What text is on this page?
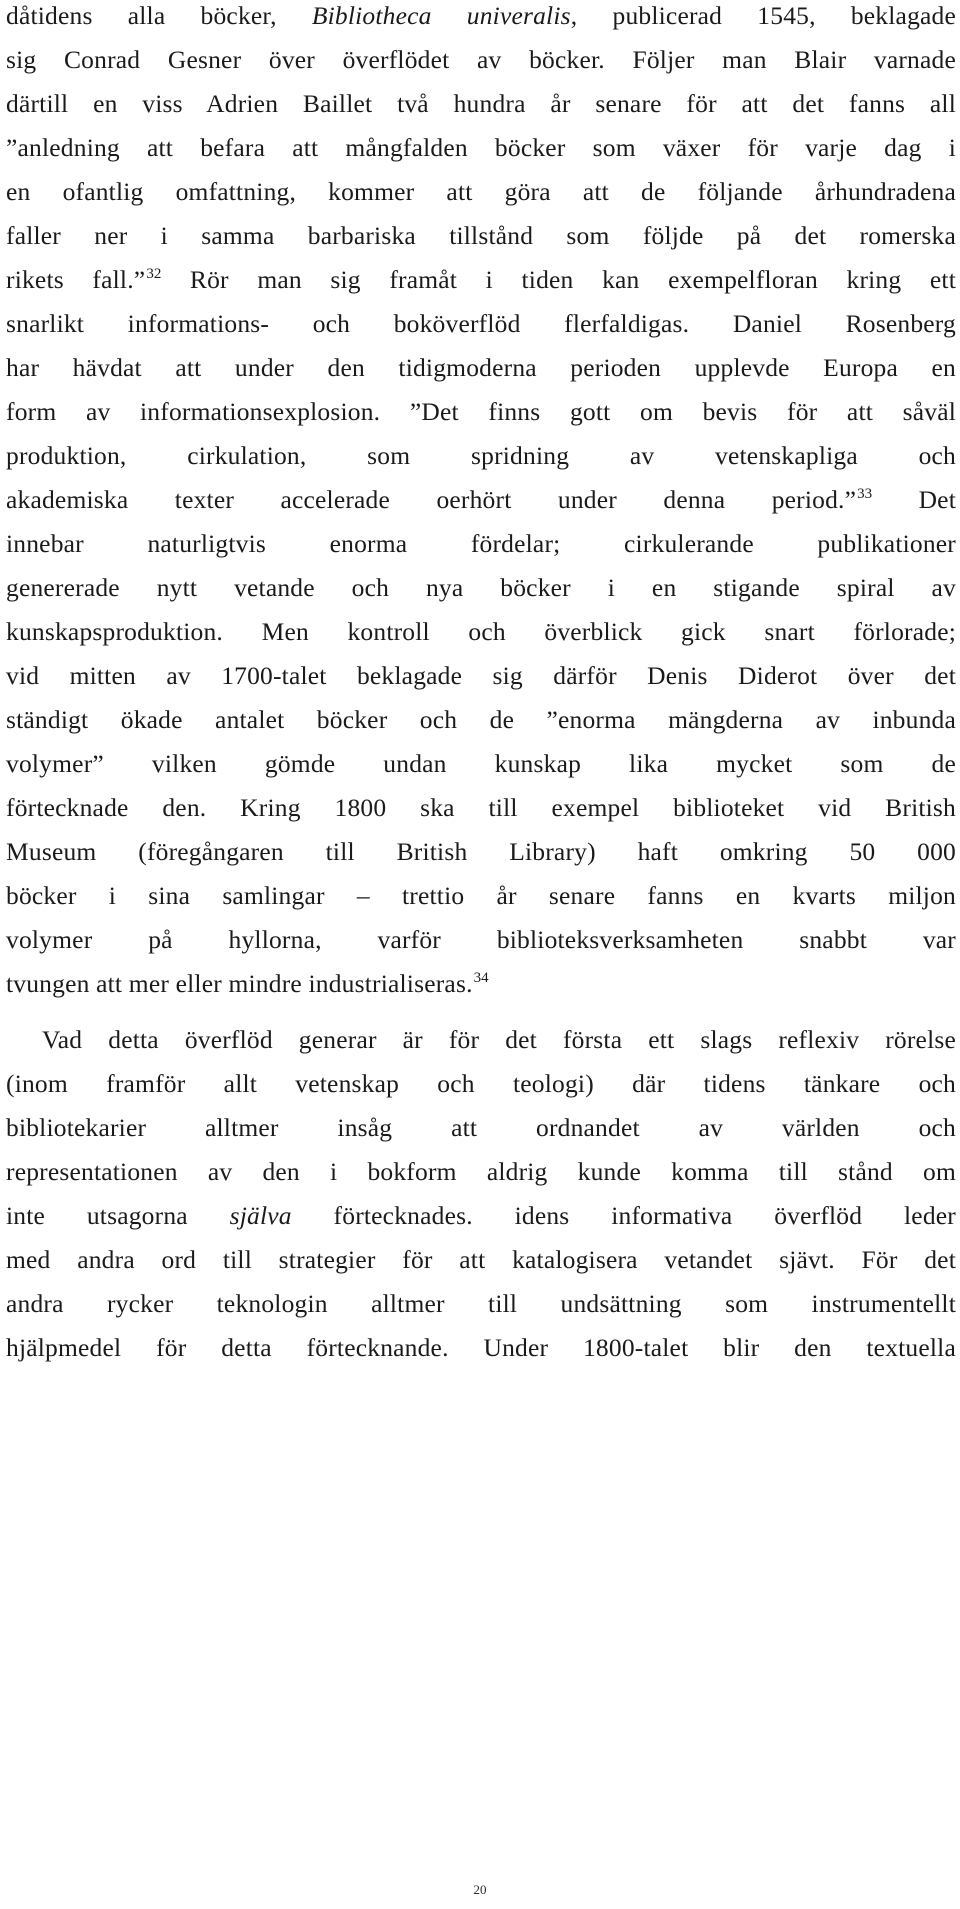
dåtidens alla böcker, Bibliotheca univeralis, publicerad 1545, beklagade
sig Conrad Gesner över överflödet av böcker. Följer man Blair varnade
därtill en viss Adrien Baillet två hundra år senare för att det fanns all
”anledning att befara att mångfalden böcker som växer för varje dag i
en ofantlig omfattning, kommer att göra att de följande århundradena
faller ner i samma barbariska tillstånd som följde på det romerska
rikets fall.”$^{32}$ Rör man sig framåt i tiden kan exempelfloran kring ett
snarlikt informations- och boköverflöd flerfaldigas. Daniel Rosenberg
har hävdat att under den tidigmoderna perioden upplevde Europa en
form av informationsexplosion. ”Det finns gott om bevis för att såväl
produktion, cirkulation, som spridning av vetenskapliga och
akademiska texter accelerade oerhört under denna period.”$^{33}$ Det
innebar naturligtvis enorma fördelar; cirkulerande publikationer
genererade nytt vetande och nya böcker i en stigande spiral av
kunskapsproduktion. Men kontroll och överblick gick snart förlorade;
vid mitten av 1700-talet beklagade sig därför Denis Diderot över det
ständigt ökade antalet böcker och de ”enorma mängderna av inbunda
volymer” vilken gömde undan kunskap lika mycket som de
förtecknade den. Kring 1800 ska till exempel biblioteket vid British
Museum (föregångaren till British Library) haft omkring 50 000
böcker i sina samlingar – trettio år senare fanns en kvarts miljon
volymer på hyllorna, varför biblioteksverksamheten snabbt var
tvungen att mer eller mindre industrialiseras.$^{34}$
Vad detta överflöd generar är för det första ett slags reflexiv rörelse
(inom framför allt vetenskap och teologi) där tidens tänkare och
bibliotekarier alltmer insåg att ordnandet av världen och
representationen av den i bokform aldrig kunde komma till stånd om
inte utsagorna själva förtecknades. idens informativa överflöd leder
med andra ord till strategier för att katalogisera vetandet sjävt. För det
andra rycker teknologin alltmer till undsättning som instrumentellt
hjälpmedel för detta förtecknande. Under 1800-talet blir den textuella
20
